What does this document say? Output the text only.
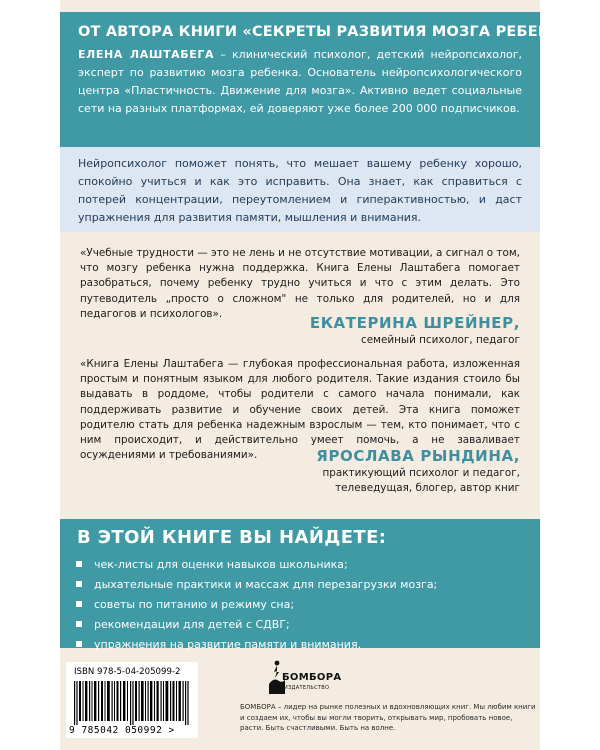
ОТ АВТОРА КНИГИ «СЕКРЕТЫ РАЗВИТИЯ МОЗГА РЕБЕНКА»

ЕЛЕНА ЛАШТАБЕГА – клинический психолог, детский нейропсихолог, эксперт по развитию мозга ребенка. Основатель нейропсихологического центра «Пластичность. Движение для мозга». Активно ведет социальные сети на разных платформах, ей доверяют уже более 200 000 подписчиков.

Нейропсихолог поможет понять, что мешает вашему ребенку хорошо, спокойно учиться и как это исправить. Она знает, как справиться с потерей концентрации, переутомлением и гиперактивностью, и даст упражнения для развития памяти, мышления и внимания.

«Учебные трудности — это не лень и не отсутствие мотивации, а сигнал о том, что мозгу ребенка нужна поддержка. Книга Елены Лаштабега помогает разобраться, почему ребенку трудно учиться и что с этим делать. Это путеводитель „просто о сложном" не только для родителей, но и для педагогов и психологов».

ЕКАТЕРИНА ШРЕЙНЕР,
семейный психолог, педагог

«Книга Елены Лаштабега — глубокая профессиональная работа, изложенная простым и понятным языком для любого родителя. Такие издания стоило бы выдавать в роддоме, чтобы родители с самого начала понимали, как поддерживать развитие и обучение своих детей. Эта книга поможет родителю стать для ребенка надежным взрослым — тем, кто понимает, что с ним происходит, и действительно умеет помочь, а не заваливает осуждениями и требованиями».	ЯРОСЛАВА РЫНДИНА,
практикующий психолог и педагог,
телеведущая, блогер, автор книг
В ЭТОЙ КНИГЕ ВЫ НАЙДЕТЕ:
чек-листы для оценки навыков школьника;
дыхательные практики и массаж для перезагрузки мозга;
советы по питанию и режиму сна;
рекомендации для детей с СДВГ;
упражнения на развитие памяти и внимания.
ISBN 978-5-04-205099-2
9 785042 050992 >
БОМБОРА
ИЗДАТЕЛЬСТВО

БОМБОРА – лидер на рынке полезных и вдохновляющих книг. Мы любим книги и создаем их, чтобы вы могли творить, открывать мир, пробовать новое, расти. Быть счастливыми. Быть на волне.
